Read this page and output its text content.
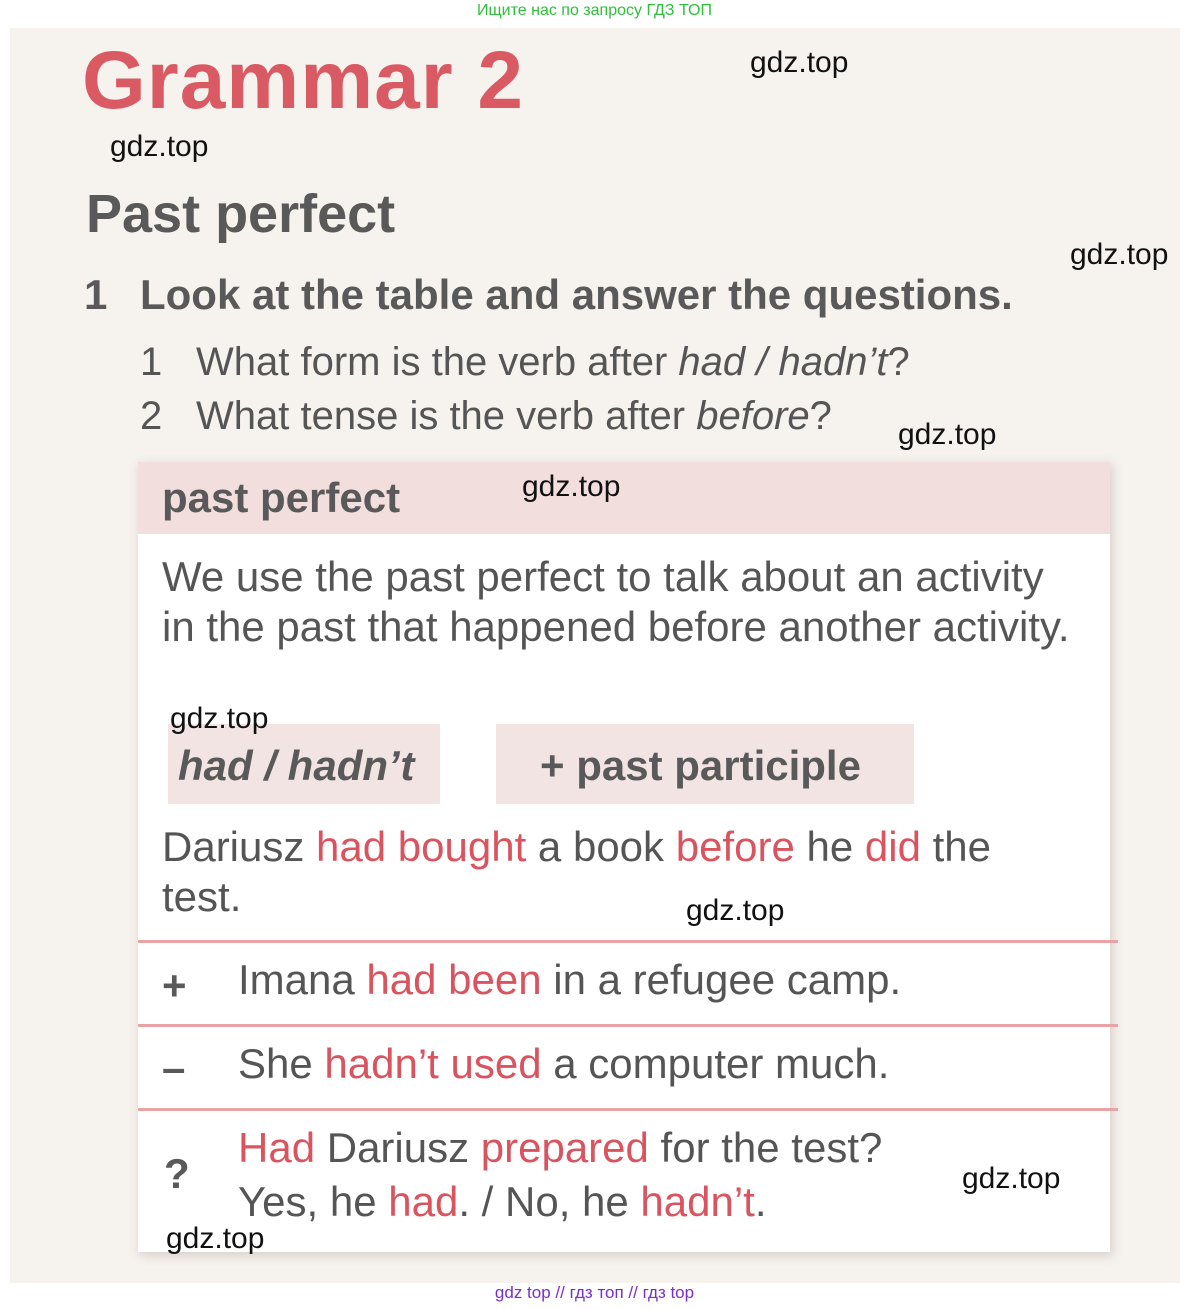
Ищите нас по запросу ГДЗ ТОП
Grammar 2
Past perfect
1 Look at the table and answer the questions.
1 What form is the verb after had / hadn’t?
2 What tense is the verb after before?
past perfect
We use the past perfect to talk about an activity in the past that happened before another activity.
had / hadn’t	+ past participle
Dariusz had bought a book before he did the test.
+ Imana had been in a refugee camp.
– She hadn’t used a computer much.
?
Had Dariusz prepared for the test?
Yes, he had. / No, he hadn’t.
gdz.top
gdz.top
gdz.top
gdz.top
gdz.top
gdz.top
gdz.top
gdz.top
gdz.top
gdz top // гдз топ // гдз top
